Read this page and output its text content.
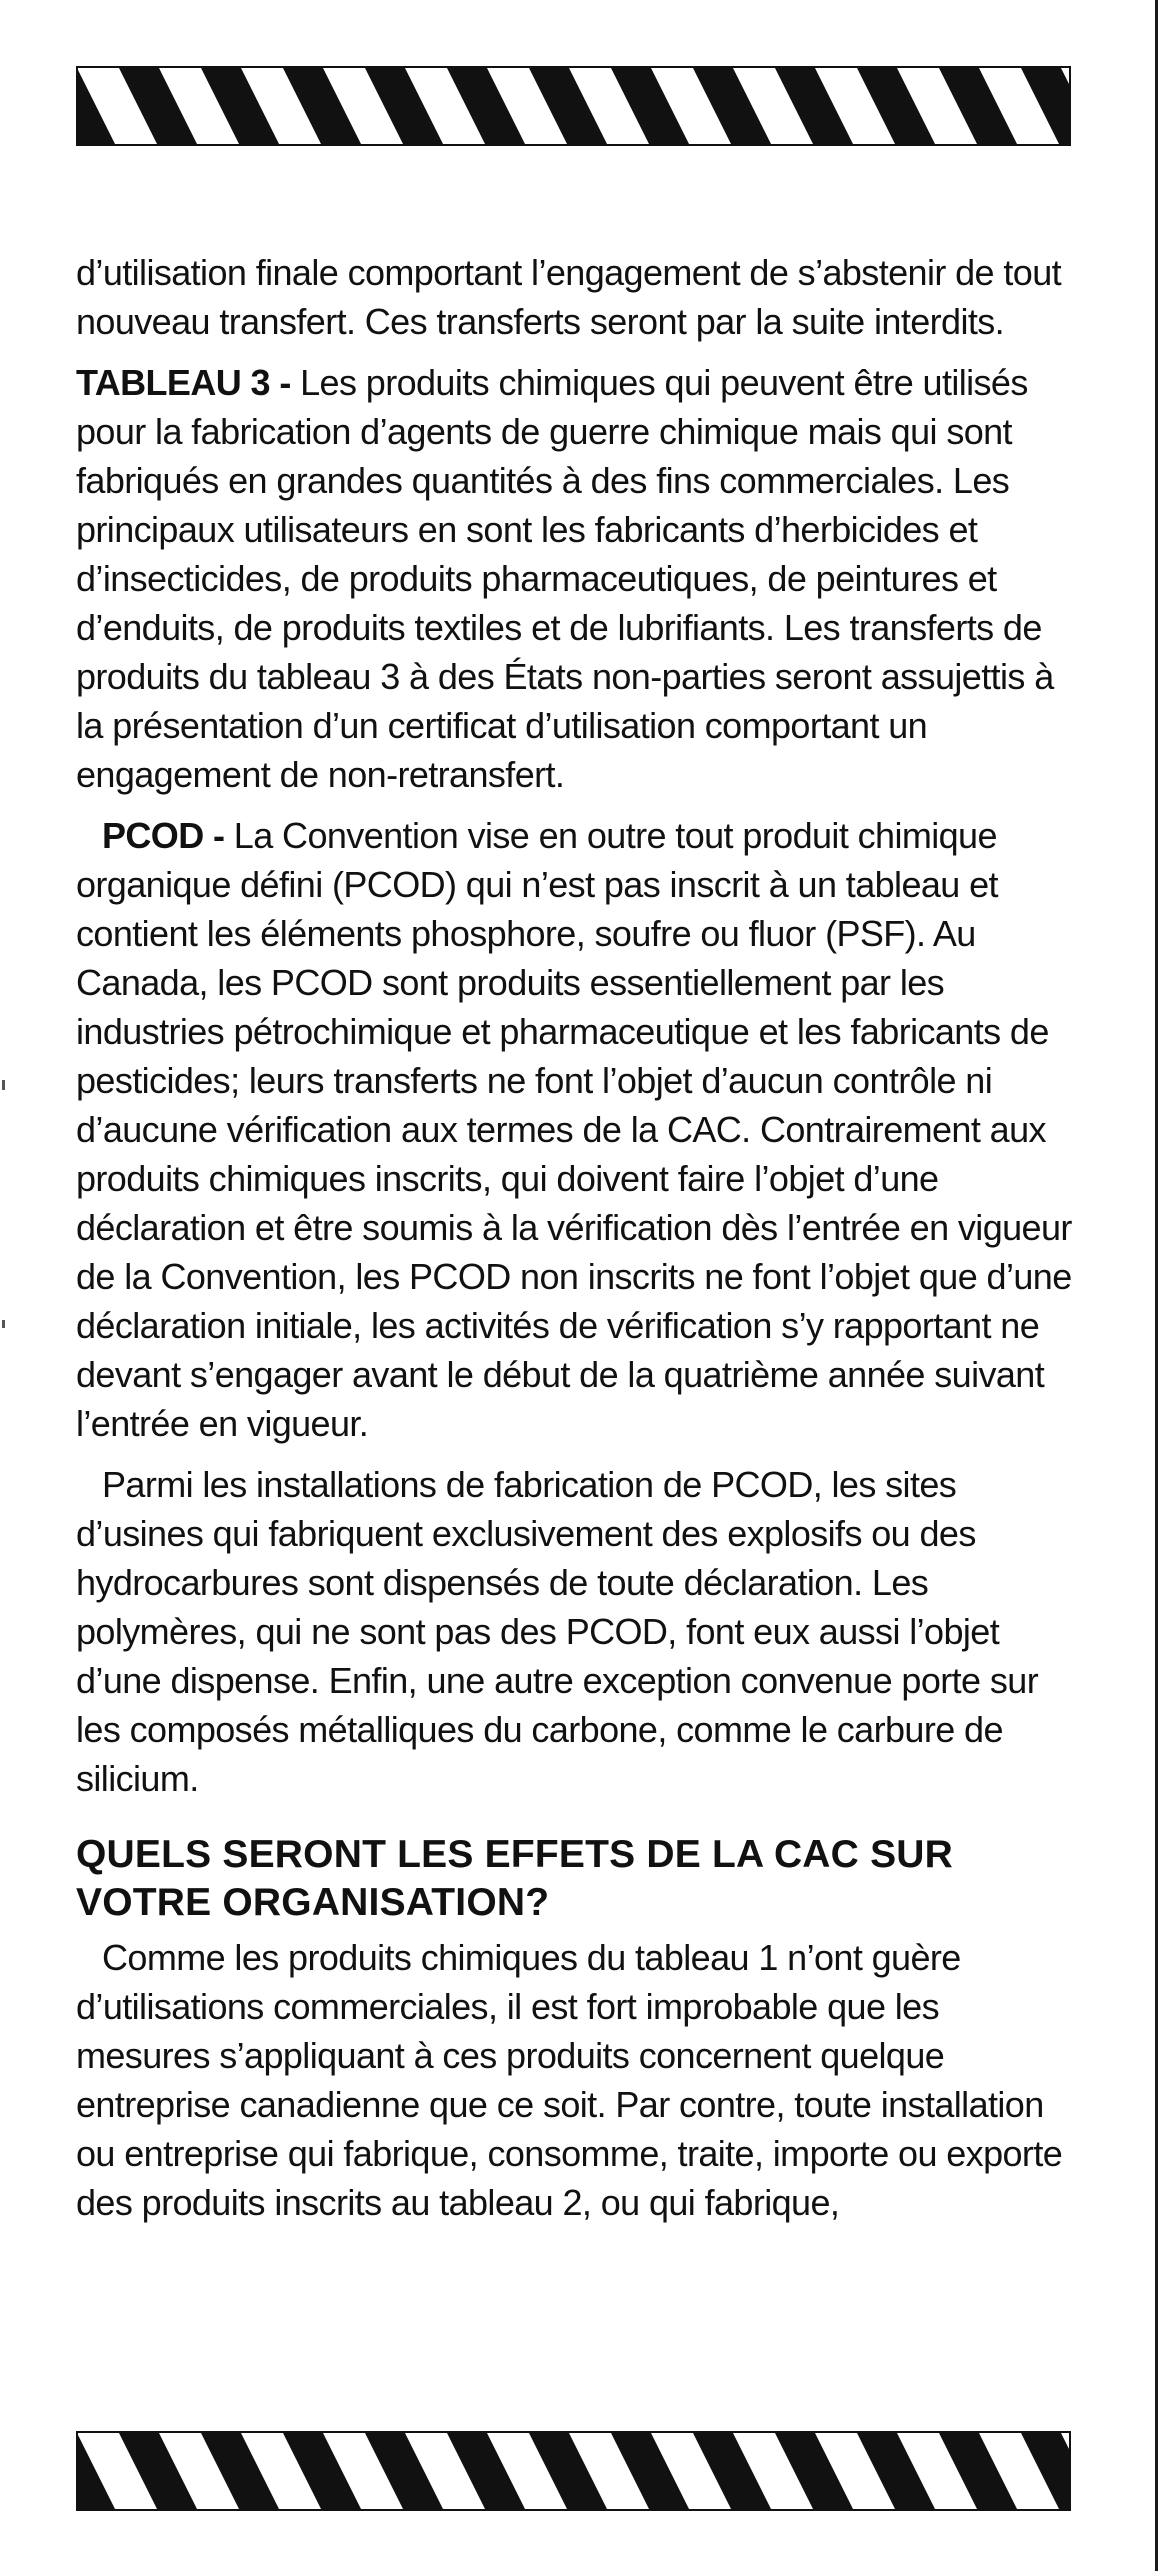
d’utilisation finale comportant l’engagement de s’abstenir de tout nouveau transfert. Ces transferts seront par la suite interdits.

TABLEAU 3 - Les produits chimiques qui peuvent être utilisés pour la fabrication d’agents de guerre chimique mais qui sont fabriqués en grandes quantités à des fins commerciales. Les principaux utilisateurs en sont les fabricants d’herbicides et d’insecticides, de produits pharmaceutiques, de peintures et d’enduits, de produits textiles et de lubrifiants. Les transferts de produits du tableau 3 à des États non-parties seront assujettis à la présentation d’un certificat d’utilisation comportant un engagement de non-retransfert.

PCOD - La Convention vise en outre tout produit chimique organique défini (PCOD) qui n’est pas inscrit à un tableau et contient les éléments phosphore, soufre ou fluor (PSF). Au Canada, les PCOD sont produits essentiellement par les industries pétrochimique et pharmaceutique et les fabricants de pesticides; leurs transferts ne font l’objet d’aucun contrôle ni d’aucune vérification aux termes de la CAC. Contrairement aux produits chimiques inscrits, qui doivent faire l’objet d’une déclaration et être soumis à la vérification dès l’entrée en vigueur de la Convention, les PCOD non inscrits ne font l’objet que d’une déclaration initiale, les activités de vérification s’y rapportant ne devant s’engager avant le début de la quatrième année suivant l’entrée en vigueur.

Parmi les installations de fabrication de PCOD, les sites d’usines qui fabriquent exclusivement des explosifs ou des hydrocarbures sont dispensés de toute déclaration. Les polymères, qui ne sont pas des PCOD, font eux aussi l’objet d’une dispense. Enfin, une autre exception convenue porte sur les composés métalliques du carbone, comme le carbure de silicium.

QUELS SERONT LES EFFETS DE LA CAC SUR VOTRE ORGANISATION?

Comme les produits chimiques du tableau 1 n’ont guère d’utilisations commerciales, il est fort improbable que les mesures s’appliquant à ces produits concernent quelque entreprise canadienne que ce soit. Par contre, toute installation ou entreprise qui fabrique, consomme, traite, importe ou exporte des produits inscrits au tableau 2, ou qui fabrique,
